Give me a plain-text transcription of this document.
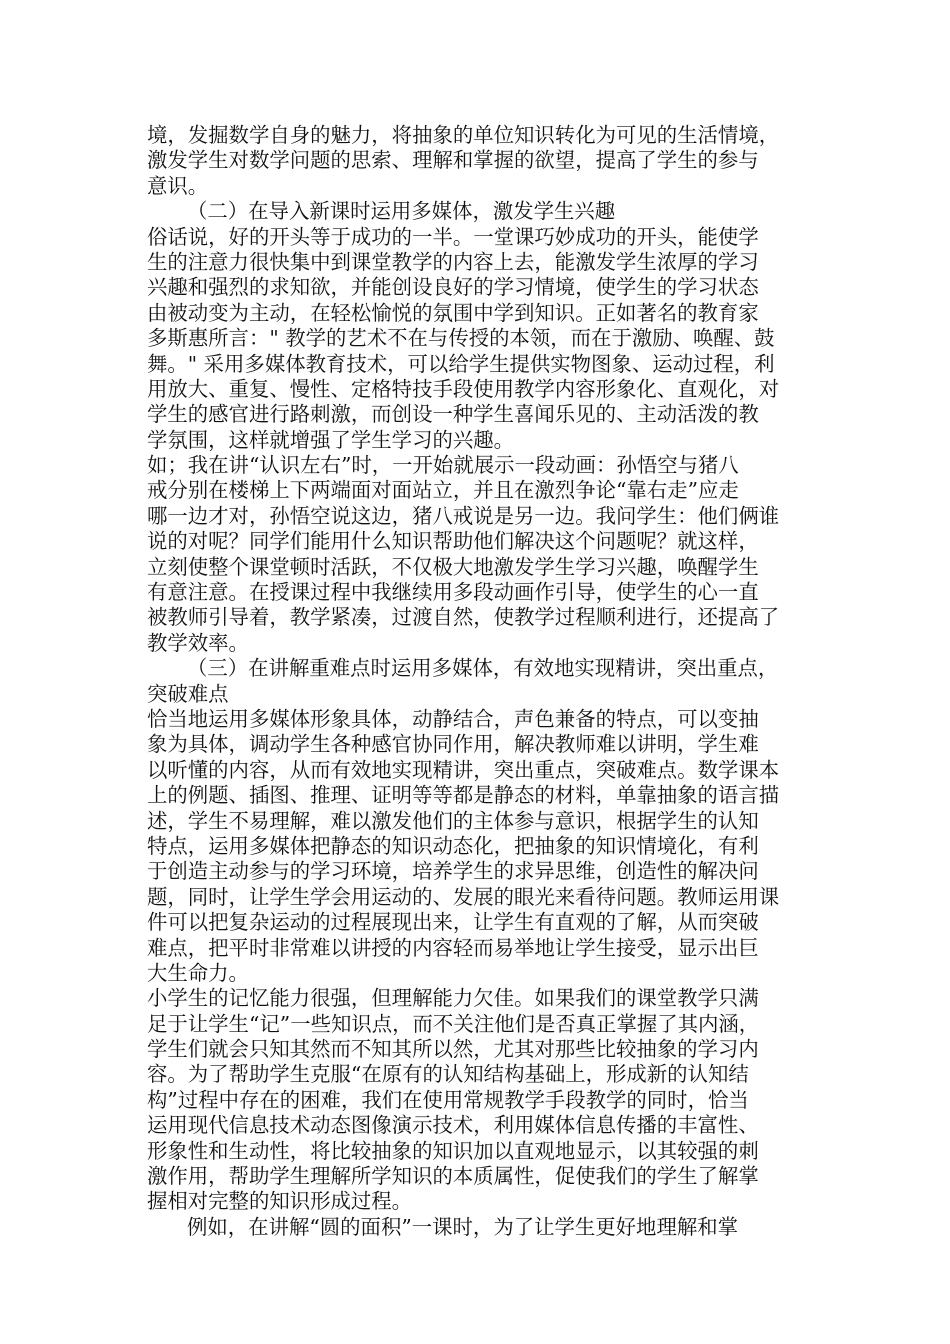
境，发掘数学自身的魅力，将抽象的单位知识转化为可见的生活情境，
激发学生对数学问题的思索、理解和掌握的欲望，提高了学生的参与
意识。
（二）在导入新课时运用多媒体，激发学生兴趣
俗话说，好的开头等于成功的一半。一堂课巧妙成功的开头，能使学
生的注意力很快集中到课堂教学的内容上去，能激发学生浓厚的学习
兴趣和强烈的求知欲，并能创设良好的学习情境，使学生的学习状态
由被动变为主动，在轻松愉悦的氛围中学到知识。正如著名的教育家
多斯惠所言：" 教学的艺术不在与传授的本领，而在于激励、唤醒、鼓
舞。" 采用多媒体教育技术，可以给学生提供实物图象、运动过程，利
用放大、重复、慢性、定格特技手段使用教学内容形象化、直观化，对
学生的感官进行路刺激，而创设一种学生喜闻乐见的、主动活泼的教
学氛围，这样就增强了学生学习的兴趣。
如；我在讲“认识左右”时，一开始就展示一段动画：孙悟空与猪八
戒分别在楼梯上下两端面对面站立，并且在激烈争论“靠右走”应走
哪一边才对，孙悟空说这边，猪八戒说是另一边。我问学生：他们俩谁
说的对呢？同学们能用什么知识帮助他们解决这个问题呢？就这样，
立刻使整个课堂顿时活跃，不仅极大地激发学生学习兴趣，唤醒学生
有意注意。在授课过程中我继续用多段动画作引导，使学生的心一直
被教师引导着，教学紧凑，过渡自然，使教学过程顺利进行，还提高了
教学效率。
（三）在讲解重难点时运用多媒体，有效地实现精讲，突出重点，
突破难点
恰当地运用多媒体形象具体，动静结合，声色兼备的特点，可以变抽
象为具体，调动学生各种感官协同作用，解决教师难以讲明，学生难
以听懂的内容，从而有效地实现精讲，突出重点，突破难点。数学课本
上的例题、插图、推理、证明等等都是静态的材料，单靠抽象的语言描
述，学生不易理解，难以激发他们的主体参与意识，根据学生的认知
特点，运用多媒体把静态的知识动态化，把抽象的知识情境化，有利
于创造主动参与的学习环境，培养学生的求异思维，创造性的解决问
题，同时，让学生学会用运动的、发展的眼光来看待问题。教师运用课
件可以把复杂运动的过程展现出来，让学生有直观的了解，从而突破
难点，把平时非常难以讲授的内容轻而易举地让学生接受，显示出巨
大生命力。
小学生的记忆能力很强，但理解能力欠佳。如果我们的课堂教学只满
足于让学生“记”一些知识点，而不关注他们是否真正掌握了其内涵，
学生们就会只知其然而不知其所以然，尤其对那些比较抽象的学习内
容。为了帮助学生克服“在原有的认知结构基础上，形成新的认知结
构”过程中存在的困难，我们在使用常规教学手段教学的同时，恰当
运用现代信息技术动态图像演示技术，利用媒体信息传播的丰富性、
形象性和生动性，将比较抽象的知识加以直观地显示，以其较强的刺
激作用，帮助学生理解所学知识的本质属性，促使我们的学生了解掌
握相对完整的知识形成过程。
例如，在讲解“圆的面积”一课时，为了让学生更好地理解和掌
